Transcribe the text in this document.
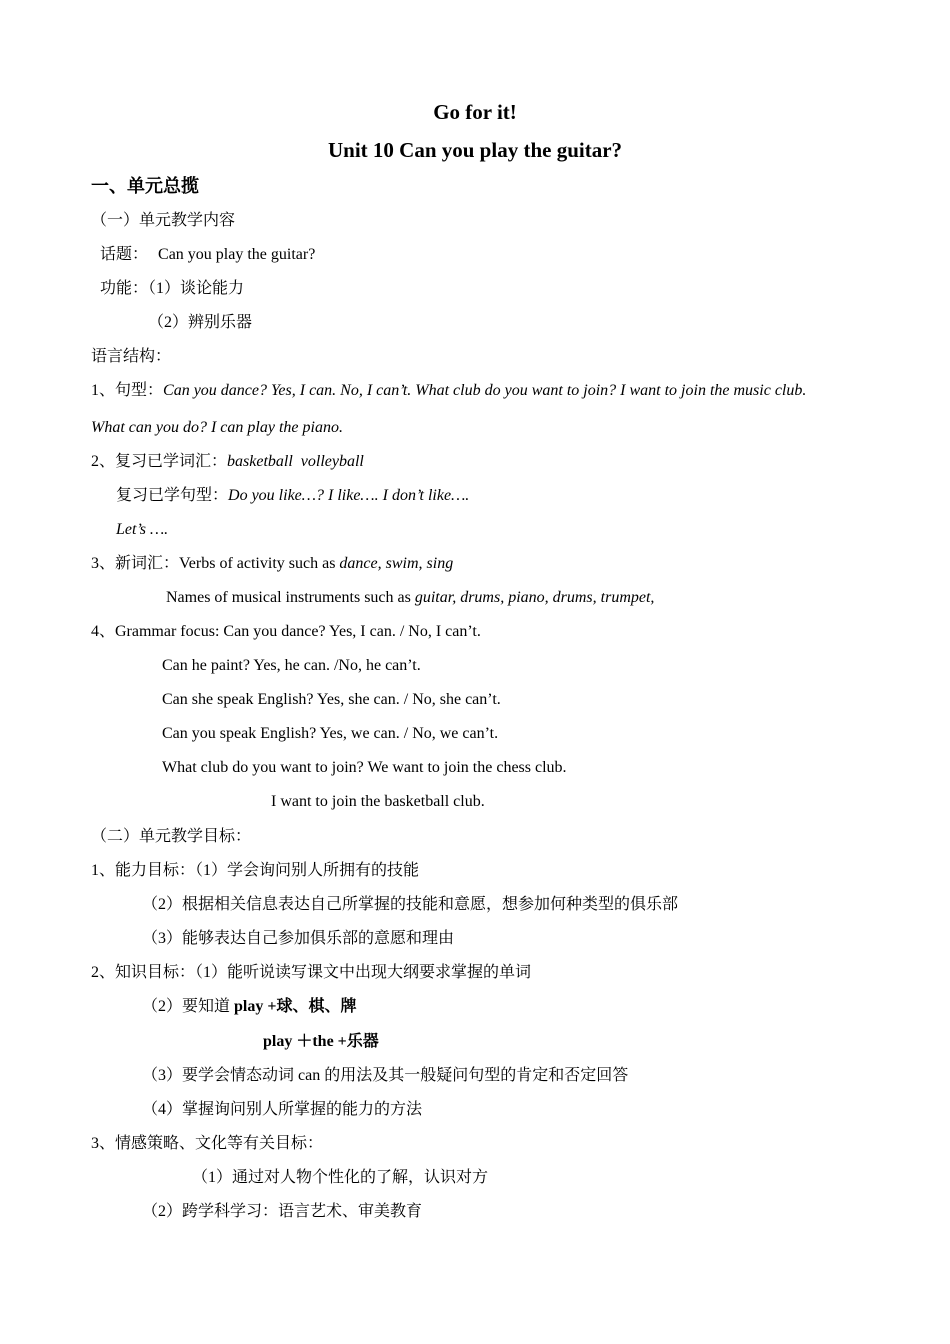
Go for it!
Unit 10 Can you play the guitar?
一、单元总揽
（一）单元教学内容
话题： Can you play the guitar?
功能：（1）谈论能力
（2）辨别乐器
语言结构：
1、句型：Can you dance? Yes, I can. No, I can’t. What club do you want to join? I want to join the music club.
What can you do? I can play the piano.
2、复习已学词汇：basketball  volleyball
复习已学句型：Do you like…? I like…. I don’t like….
Let’s ….
3、新词汇：Verbs of activity such as dance, swim, sing
Names of musical instruments such as guitar, drums, piano, drums, trumpet,
4、Grammar focus: Can you dance? Yes, I can. / No, I can’t.
Can he paint? Yes, he can. /No, he can’t.
Can she speak English? Yes, she can. / No, she can’t.
Can you speak English? Yes, we can. / No, we can’t.
What club do you want to join? We want to join the chess club.
I want to join the basketball club.
（二）单元教学目标：
1、能力目标：（1）学会询问别人所拥有的技能
（2）根据相关信息表达自己所掌握的技能和意愿，想参加何种类型的俱乐部
（3）能够表达自己参加俱乐部的意愿和理由
2、知识目标：（1）能听说读写课文中出现大纲要求掌握的单词
（2）要知道 play +球、棋、牌
play ＋the +乐器
（3）要学会情态动词 can 的用法及其一般疑问句型的肯定和否定回答
（4）掌握询问别人所掌握的能力的方法
3、情感策略、文化等有关目标：
（1）通过对人物个性化的了解，认识对方
（2）跨学科学习：语言艺术、审美教育
